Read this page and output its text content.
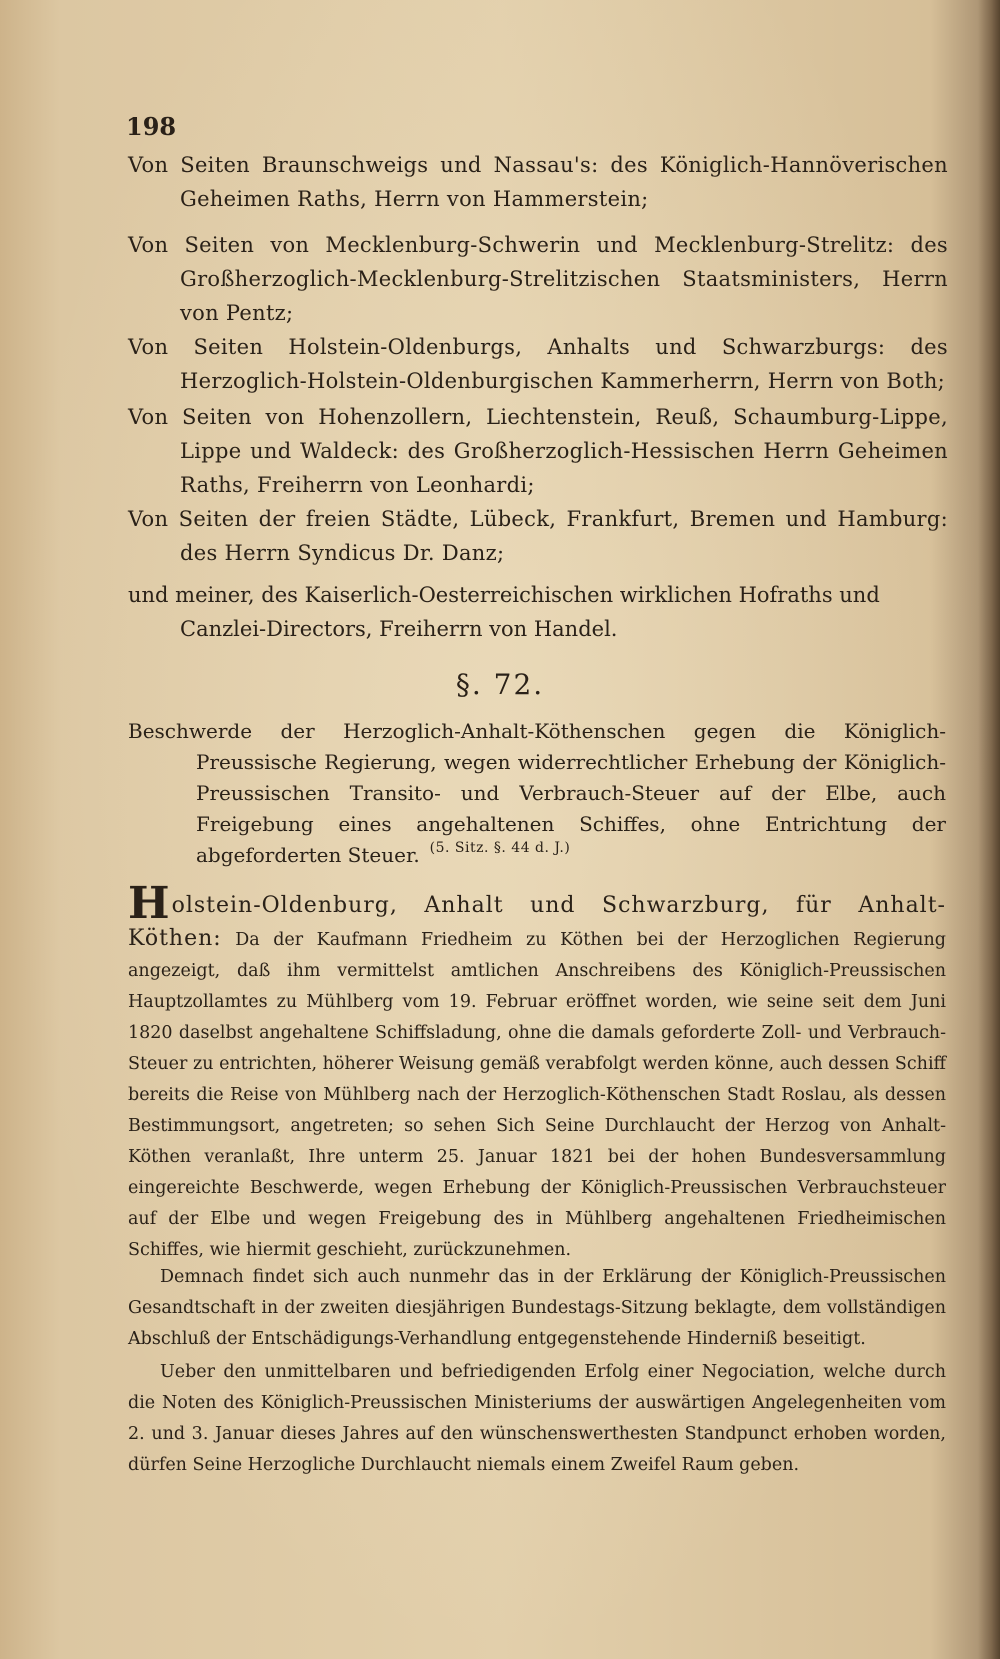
198
Von Seiten Braunschweigs und Nassau's: des Königlich-Hannöverischen Geheimen Raths, Herrn von Hammerstein;
Von Seiten von Mecklenburg-Schwerin und Mecklenburg-Strelitz: des Großherzoglich-Mecklenburg-Strelitzischen Staatsministers, Herrn von Pentz;
Von Seiten Holstein-Oldenburgs, Anhalts und Schwarzburgs: des Herzoglich-Holstein-Oldenburgischen Kammerherrn, Herrn von Both;
Von Seiten von Hohenzollern, Liechtenstein, Reuß, Schaumburg-Lippe, Lippe und Waldeck: des Großherzoglich-Hessischen Herrn Geheimen Raths, Freiherrn von Leonhardi;
Von Seiten der freien Städte, Lübeck, Frankfurt, Bremen und Hamburg: des Herrn Syndicus Dr. Danz;
und meiner, des Kaiserlich-Oesterreichischen wirklichen Hofraths und Canzlei-Directors, Freiherrn von Handel.
§. 72.
Beschwerde der Herzoglich-Anhalt-Köthenschen gegen die Königlich-Preussische Regierung, wegen widerrechtlicher Erhebung der Königlich-Preussischen Transito- und Verbrauch-Steuer auf der Elbe, auch Freigebung eines angehaltenen Schiffes, ohne Entrichtung der abgeforderten Steuer. (5. Sitz. §. 44 d. J.)
Holstein-Oldenburg, Anhalt und Schwarzburg, für Anhalt-Köthen: Da der Kaufmann Friedheim zu Köthen bei der Herzoglichen Regierung angezeigt, daß ihm vermittelst amtlichen Anschreibens des Königlich-Preussischen Hauptzollamtes zu Mühlberg vom 19. Februar eröffnet worden, wie seine seit dem Juni 1820 daselbst angehaltene Schiffsladung, ohne die damals geforderte Zoll- und Verbrauch-Steuer zu entrichten, höherer Weisung gemäß verabfolgt werden könne, auch dessen Schiff bereits die Reise von Mühlberg nach der Herzoglich-Köthenschen Stadt Roslau, als dessen Bestimmungsort, angetreten; so sehen Sich Seine Durchlaucht der Herzog von Anhalt-Köthen veranlaßt, Ihre unterm 25. Januar 1821 bei der hohen Bundesversammlung eingereichte Beschwerde, wegen Erhebung der Königlich-Preussischen Verbrauchsteuer auf der Elbe und wegen Freigebung des in Mühlberg angehaltenen Friedheimischen Schiffes, wie hiermit geschieht, zurückzunehmen.
Demnach findet sich auch nunmehr das in der Erklärung der Königlich-Preussischen Gesandtschaft in der zweiten diesjährigen Bundestags-Sitzung beklagte, dem vollständigen Abschluß der Entschädigungs-Verhandlung entgegenstehende Hinderniß beseitigt.
Ueber den unmittelbaren und befriedigenden Erfolg einer Negociation, welche durch die Noten des Königlich-Preussischen Ministeriums der auswärtigen Angelegenheiten vom 2. und 3. Januar dieses Jahres auf den wünschenswerthesten Standpunct erhoben worden, dürfen Seine Herzogliche Durchlaucht niemals einem Zweifel Raum geben.
